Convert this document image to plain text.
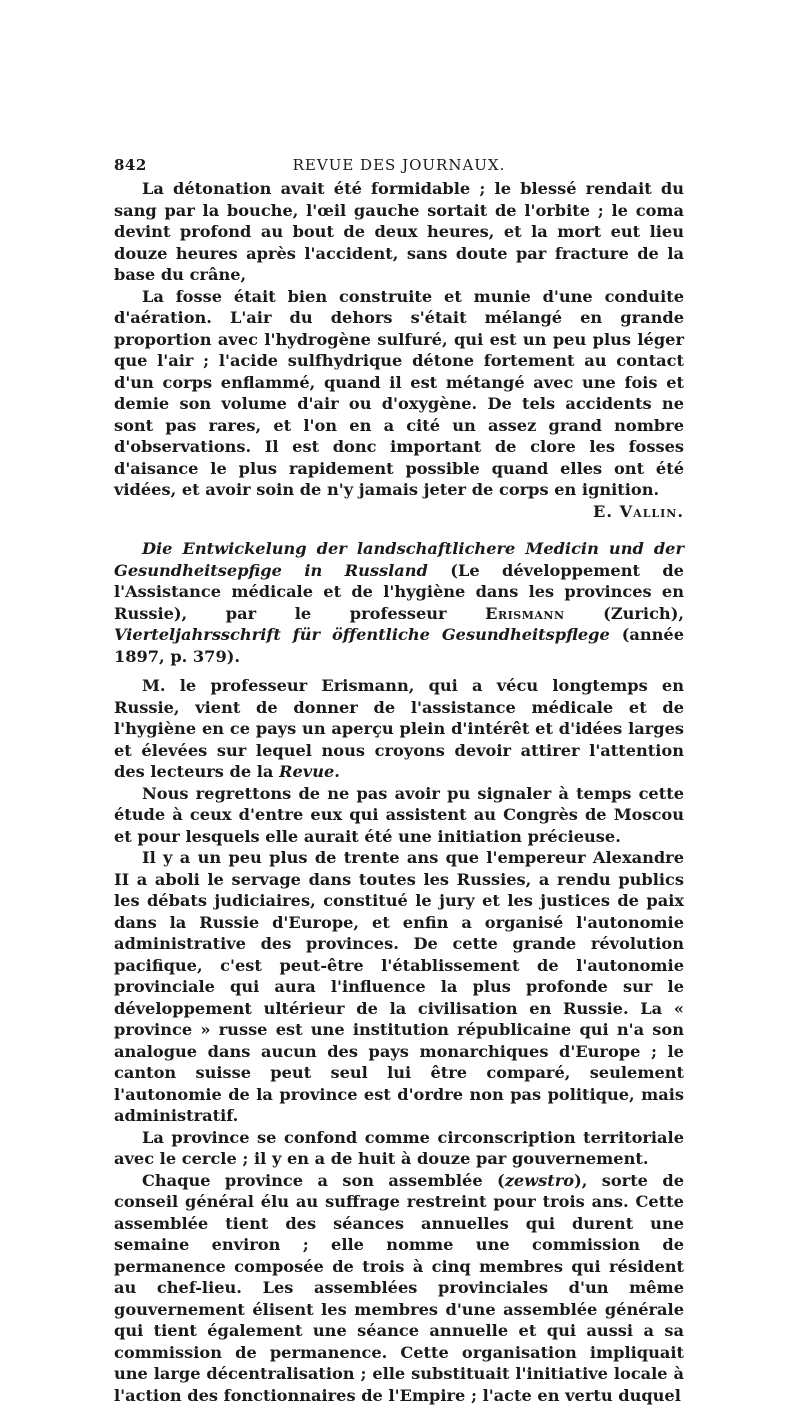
842	REVUE DES JOURNAUX.

La détonation avait été formidable ; le blessé rendait du sang par la bouche, l'œil gauche sortait de l'orbite ; le coma devint profond au bout de deux heures, et la mort eut lieu douze heures après l'accident, sans doute par fracture de la base du crâne,

La fosse était bien construite et munie d'une conduite d'aération. L'air du dehors s'était mélangé en grande proportion avec l'hydrogène sulfuré, qui est un peu plus léger que l'air ; l'acide sulfhydrique détone fortement au contact d'un corps enflammé, quand il est métangé avec une fois et demie son volume d'air ou d'oxygène. De tels accidents ne sont pas rares, et l'on en a cité un assez grand nombre d'observations. Il est donc important de clore les fosses d'aisance le plus rapidement possible quand elles ont été vidées, et avoir soin de n'y jamais jeter de corps en ignition.
E. Vallin.

Die Entwickelung der landschaftlichere Medicin und der Gesundheitsepfige in Russland (Le développement de l'Assistance médicale et de l'hygiène dans les provinces en Russie), par le professeur Erismann (Zurich), Vierteljahrsschrift für öffentliche Gesundheitspflege (année 1897, p. 379).

M. le professeur Erismann, qui a vécu longtemps en Russie, vient de donner de l'assistance médicale et de l'hygiène en ce pays un aperçu plein d'intérêt et d'idées larges et élevées sur lequel nous croyons devoir attirer l'attention des lecteurs de la Revue.

Nous regrettons de ne pas avoir pu signaler à temps cette étude à ceux d'entre eux qui assistent au Congrès de Moscou et pour lesquels elle aurait été une initiation précieuse.

Il y a un peu plus de trente ans que l'empereur Alexandre II a aboli le servage dans toutes les Russies, a rendu publics les débats judiciaires, constitué le jury et les justices de paix dans la Russie d'Europe, et enfin a organisé l'autonomie administrative des provinces. De cette grande révolution pacifique, c'est peut-être l'établissement de l'autonomie provinciale qui aura l'influence la plus profonde sur le développement ultérieur de la civilisation en Russie. La « province » russe est une institution républicaine qui n'a son analogue dans aucun des pays monarchiques d'Europe ; le canton suisse peut seul lui être comparé, seulement l'autonomie de la province est d'ordre non pas politique, mais administratif.

La province se confond comme circonscription territoriale avec le cercle ; il y en a de huit à douze par gouvernement.

Chaque province a son assemblée (zewstro), sorte de conseil général élu au suffrage restreint pour trois ans. Cette assemblée tient des séances annuelles qui durent une semaine environ ; elle nomme une commission de permanence composée de trois à cinq membres qui résident au chef-lieu. Les assemblées provinciales d'un même gouvernement élisent les membres d'une assemblée générale qui tient également une séance annuelle et qui aussi a sa commission de permanence. Cette organisation impliquait une large décentralisation ; elle substituait l'initiative locale à l'action des fonctionnaires de l'Empire ; l'acte en vertu duquel
